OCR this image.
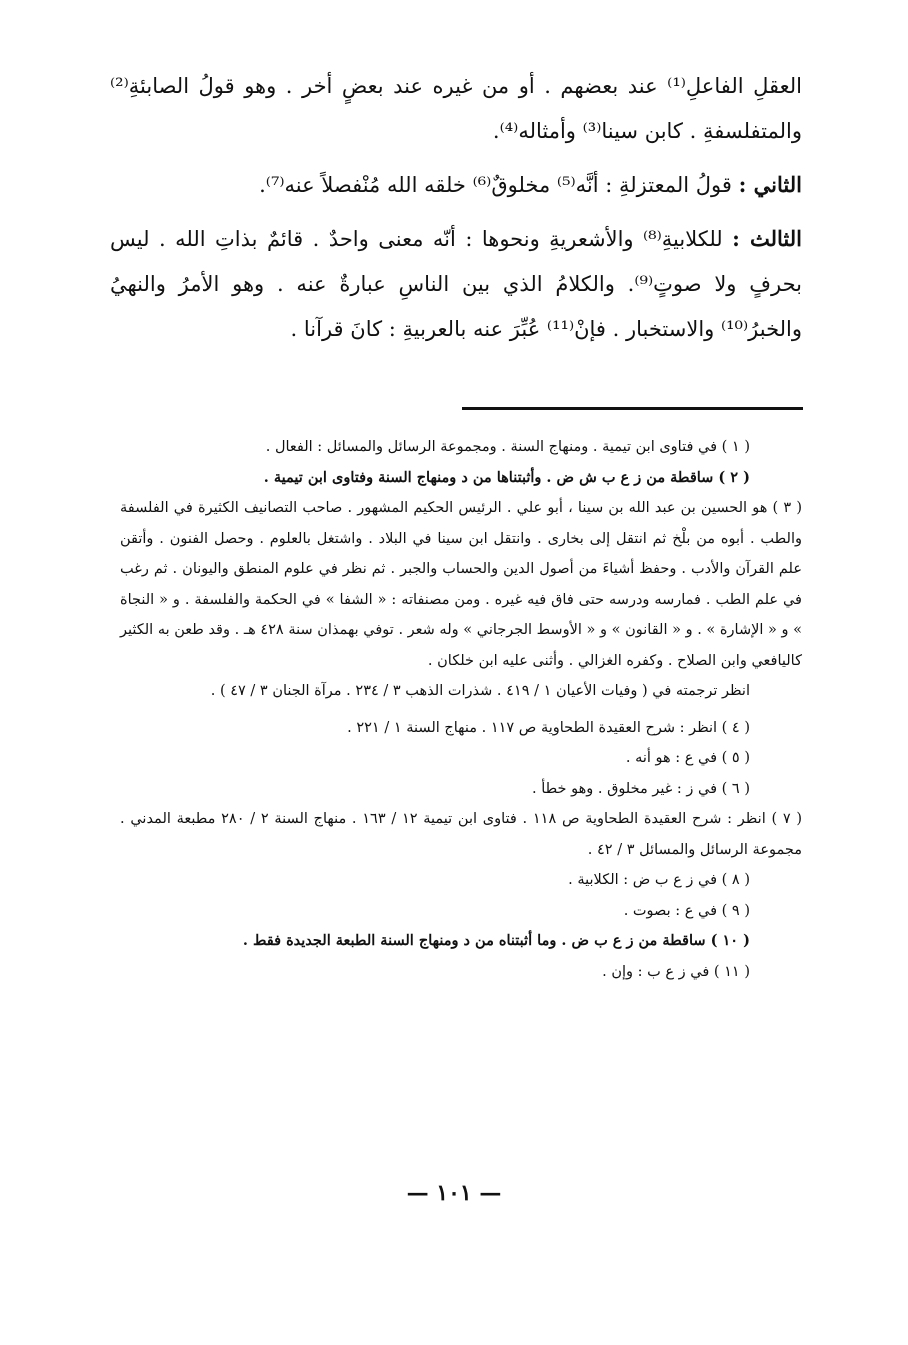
العقلِ الفاعلِ⁽¹⁾ عند بعضهم . أو من غيره عند بعضٍ أخر . وهو قولُ الصابئةِ⁽²⁾ والمتفلسفةِ . كابن سينا⁽³⁾ وأمثاله⁽⁴⁾.

الثاني : قولُ المعتزلةِ : أنَّه⁽⁵⁾ مخلوقٌ⁽⁶⁾ خلقه الله مُنْفصلاً عنه⁽⁷⁾.

الثالث : للكلابيةِ⁽⁸⁾ والأشعريةِ ونحوها : أنّه معنى واحدٌ . قائمٌ بذاتِ الله . ليس بحرفٍ ولا صوتٍ⁽⁹⁾. والكلامُ الذي بين الناسِ عبارةٌ عنه . وهو الأمرُ والنهيُ والخبرُ⁽¹⁰⁾ والاستخبار . فإنْ⁽¹¹⁾ عُبِّرَ عنه بالعربيةِ : كانَ قرآنا .

( ١ ) في فتاوى ابن تيمية . ومنهاج السنة . ومجموعة الرسائل والمسائل : الفعال .

( ٢ ) ساقطة من ز ع ب ش ض . وأثبتناها من د ومنهاج السنة وفتاوى ابن تيمية .

( ٣ ) هو الحسين بن عبد الله بن سينا ، أبو علي . الرئيس الحكيم المشهور . صاحب التصانيف الكثيرة في الفلسفة والطب . أبوه من بلْخ ثم انتقل إلى بخارى . وانتقل ابن سينا في البلاد . واشتغل بالعلوم . وحصل الفنون . وأتقن علم القرآن والأدب . وحفظ أشياءَ من أصول الدين والحساب والجبر . ثم نظر في علوم المنطق واليونان . ثم رغب في علم الطب . فمارسه ودرسه حتى فاق فيه غيره . ومن مصنفاته : « الشفا » في الحكمة والفلسفة . و « النجاة » و « الإشارة » . و « القانون » و « الأوسط الجرجاني » وله شعر . توفي بهمذان سنة ٤٢٨ هـ . وقد طعن به الكثير كاليافعي وابن الصلاح . وكفره الغزالي . وأثنى عليه ابن خلكان .

انظر ترجمته في ( وفيات الأعيان ١ / ٤١٩ . شذرات الذهب ٣ / ٢٣٤ . مرآة الجنان ٣ / ٤٧ ) .

( ٤ ) انظر : شرح العقيدة الطحاوية ص ١١٧ . منهاج السنة ١ / ٢٢١ .

( ٥ ) في ع : هو أنه .

( ٦ ) في ز : غير مخلوق . وهو خطأ .

( ٧ ) انظر : شرح العقيدة الطحاوية ص ١١٨ . فتاوى ابن تيمية ١٢ / ١٦٣ . منهاج السنة ٢ / ٢٨٠ مطبعة المدني . مجموعة الرسائل والمسائل ٣ / ٤٢ .

( ٨ ) في ز ع ب ض : الكلابية .

( ٩ ) في ع : بصوت .

( ١٠ ) ساقطة من ز ع ب ض . وما أثبتناه من د ومنهاج السنة الطبعة الجديدة فقط .

( ١١ ) في ز ع ب : وإن .

— ١٠١ —
